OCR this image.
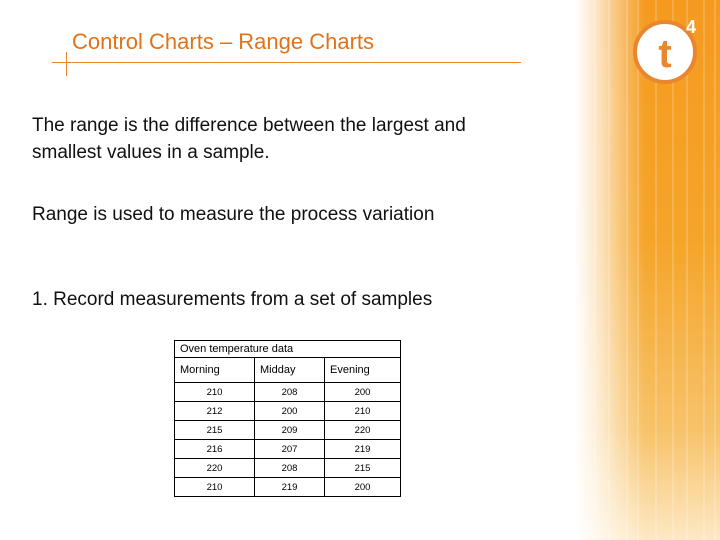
t
4
Control Charts – Range Charts
The range is the difference between the largest and
smallest values in a sample.
Range is used to measure the process variation
1. Record measurements from a set of samples
Oven temperature data		
Morning	Midday	Evening
210	208	200
212	200	210
215	209	220
216	207	219
220	208	215
210	219	200
